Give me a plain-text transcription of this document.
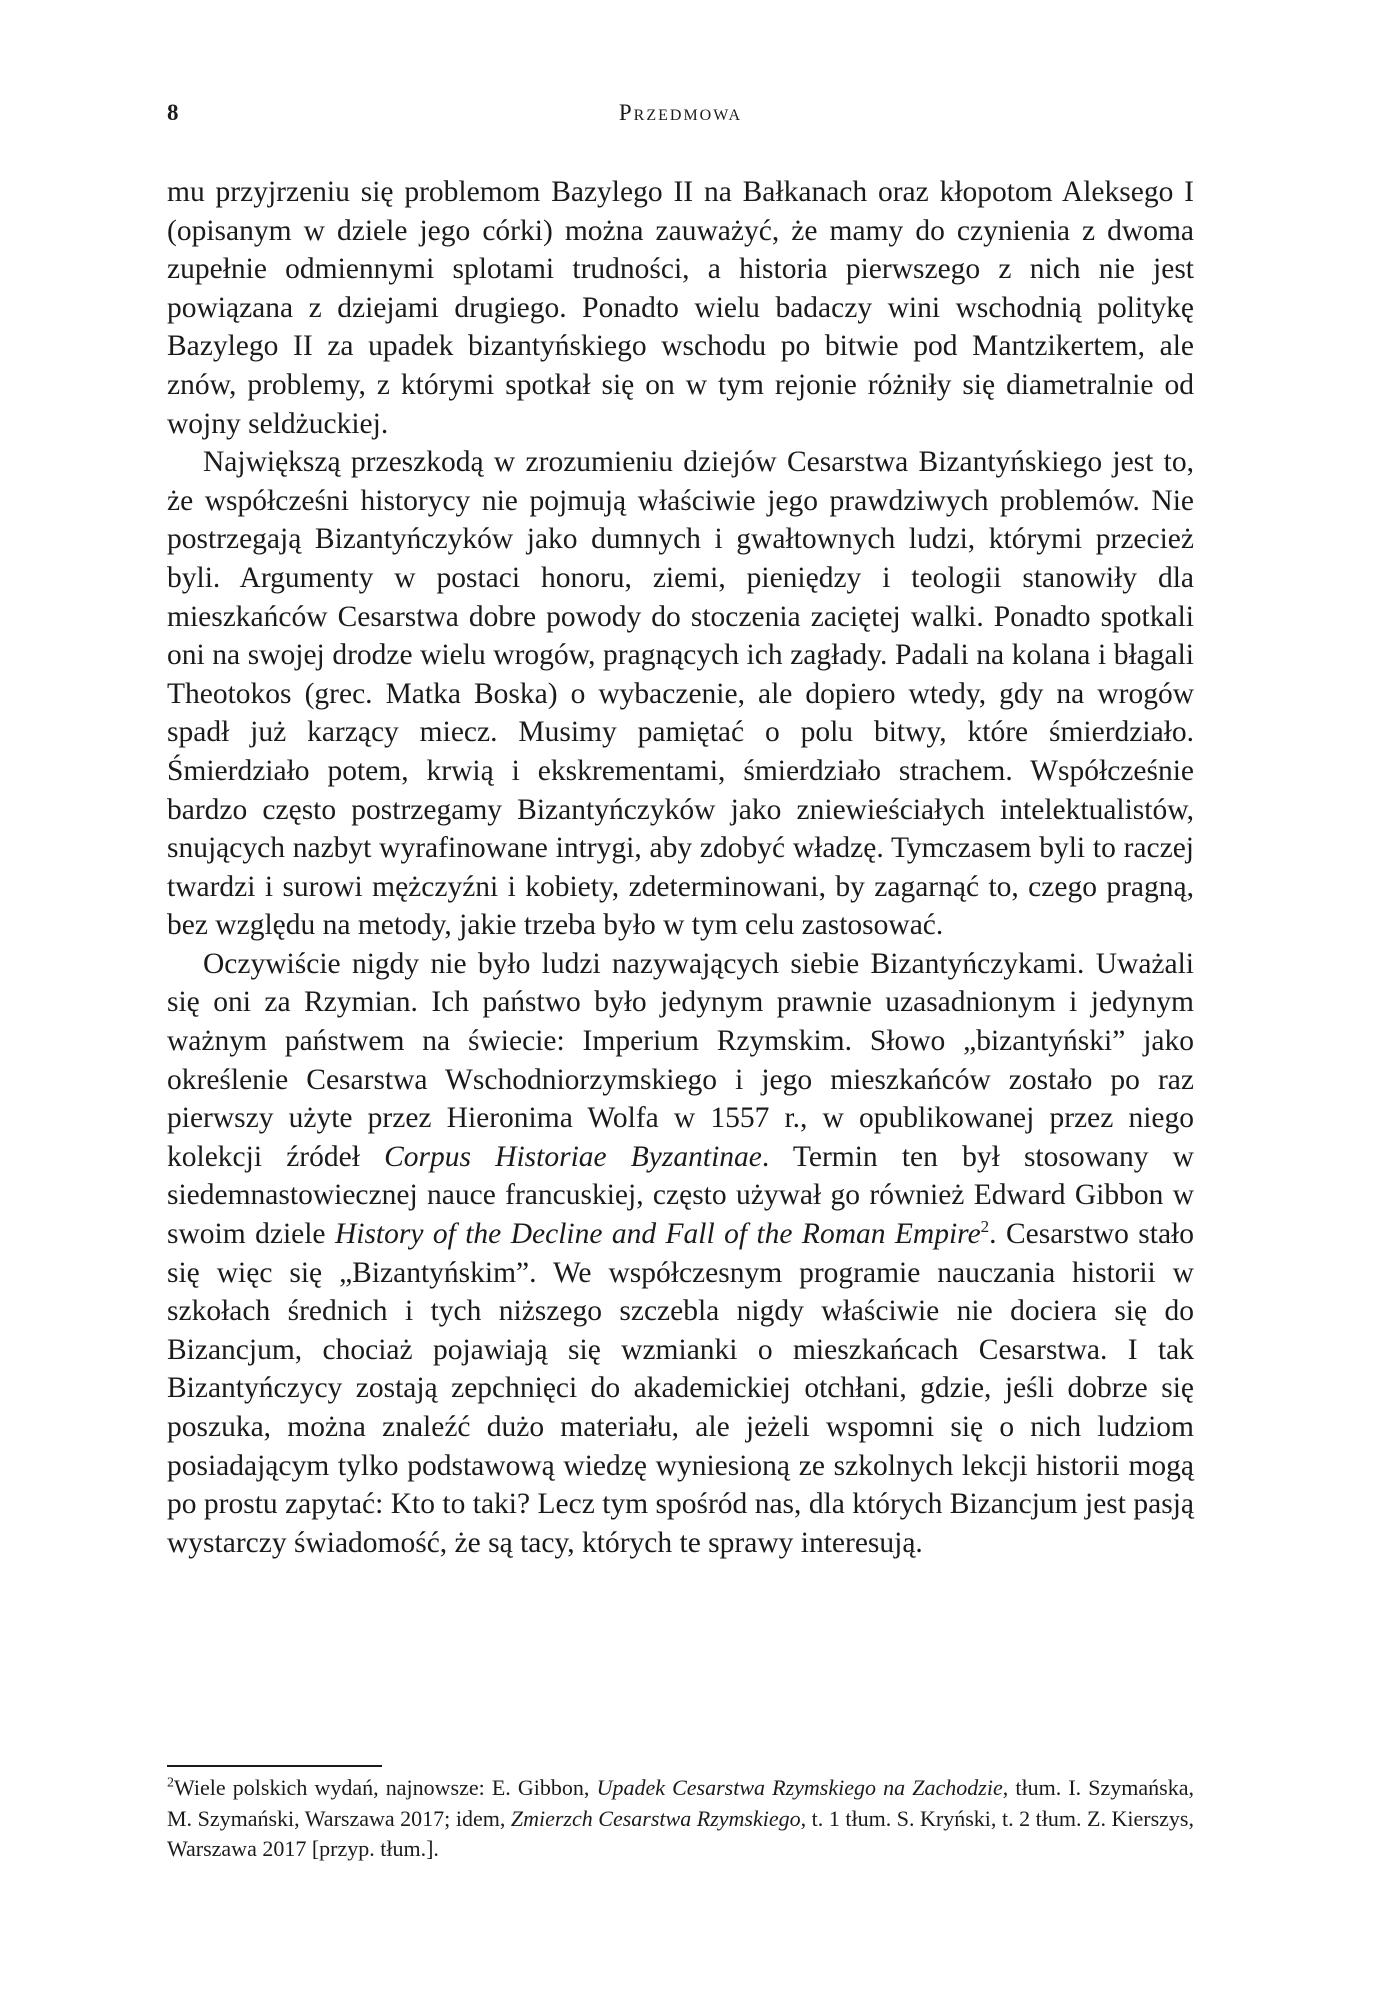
8	Przedmowa

mu przyjrzeniu się problemom Bazylego II na Bałkanach oraz kłopotom Aleksego I (opisanym w dziele jego córki) można zauważyć, że mamy do czynienia z dwoma zupełnie odmiennymi splotami trudności, a historia pierwszego z nich nie jest powiązana z dziejami drugiego. Ponadto wielu badaczy wini wschodnią politykę Bazylego II za upadek bizantyńskiego wschodu po bitwie pod Mantzikertem, ale znów, problemy, z którymi spotkał się on w tym rejonie różniły się diametralnie od wojny seldżuckiej.

Największą przeszkodą w zrozumieniu dziejów Cesarstwa Bizantyńskiego jest to, że współcześni historycy nie pojmują właściwie jego prawdziwych problemów. Nie postrzegają Bizantyńczyków jako dumnych i gwałtownych ludzi, którymi przecież byli. Argumenty w postaci honoru, ziemi, pieniędzy i teologii stanowiły dla mieszkańców Cesarstwa dobre powody do stoczenia zaciętej walki. Ponadto spotkali oni na swojej drodze wielu wrogów, pragnących ich zagłady. Padali na kolana i błagali Theotokos (grec. Matka Boska) o wybaczenie, ale dopiero wtedy, gdy na wrogów spadł już karzący miecz. Musimy pamiętać o polu bitwy, które śmierdziało. Śmierdziało potem, krwią i ekskrementami, śmierdziało strachem. Współcześnie bardzo często postrzegamy Bizantyńczyków jako zniewieściałych intelektualistów, snujących nazbyt wyrafinowane intrygi, aby zdobyć władzę. Tymczasem byli to raczej twardzi i surowi mężczyźni i kobiety, zdeterminowani, by zagarnąć to, czego pragną, bez względu na metody, jakie trzeba było w tym celu zastosować.

Oczywiście nigdy nie było ludzi nazywających siebie Bizantyńczykami. Uważali się oni za Rzymian. Ich państwo było jedynym prawnie uzasadnionym i jedynym ważnym państwem na świecie: Imperium Rzymskim. Słowo „bizantyński” jako określenie Cesarstwa Wschodniorzymskiego i jego mieszkańców zostało po raz pierwszy użyte przez Hieronima Wolfa w 1557 r., w opublikowanej przez niego kolekcji źródeł Corpus Historiae Byzantinae. Termin ten był stosowany w siedemnastowiecznej nauce francuskiej, często używał go również Edward Gibbon w swoim dziele History of the Decline and Fall of the Roman Empire$^2$. Cesarstwo stało się więc się „Bizantyńskim”. We współczesnym programie nauczania historii w szkołach średnich i tych niższego szczebla nigdy właściwie nie dociera się do Bizancjum, chociaż pojawiają się wzmianki o mieszkańcach Cesarstwa. I tak Bizantyńczycy zostają zepchnięci do akademickiej otchłani, gdzie, jeśli dobrze się poszuka, można znaleźć dużo materiału, ale jeżeli wspomni się o nich ludziom posiadającym tylko podstawową wiedzę wyniesioną ze szkolnych lekcji historii mogą po prostu zapytać: Kto to taki? Lecz tym spośród nas, dla których Bizancjum jest pasją wystarczy świadomość, że są tacy, których te sprawy interesują.

$^2$Wiele polskich wydań, najnowsze: E. Gibbon, Upadek Cesarstwa Rzymskiego na Zachodzie, tłum. I. Szymańska, M. Szymański, Warszawa 2017; idem, Zmierzch Cesarstwa Rzymskiego, t. 1 tłum. S. Kryński, t. 2 tłum. Z. Kierszys, Warszawa 2017 [przyp. tłum.].
